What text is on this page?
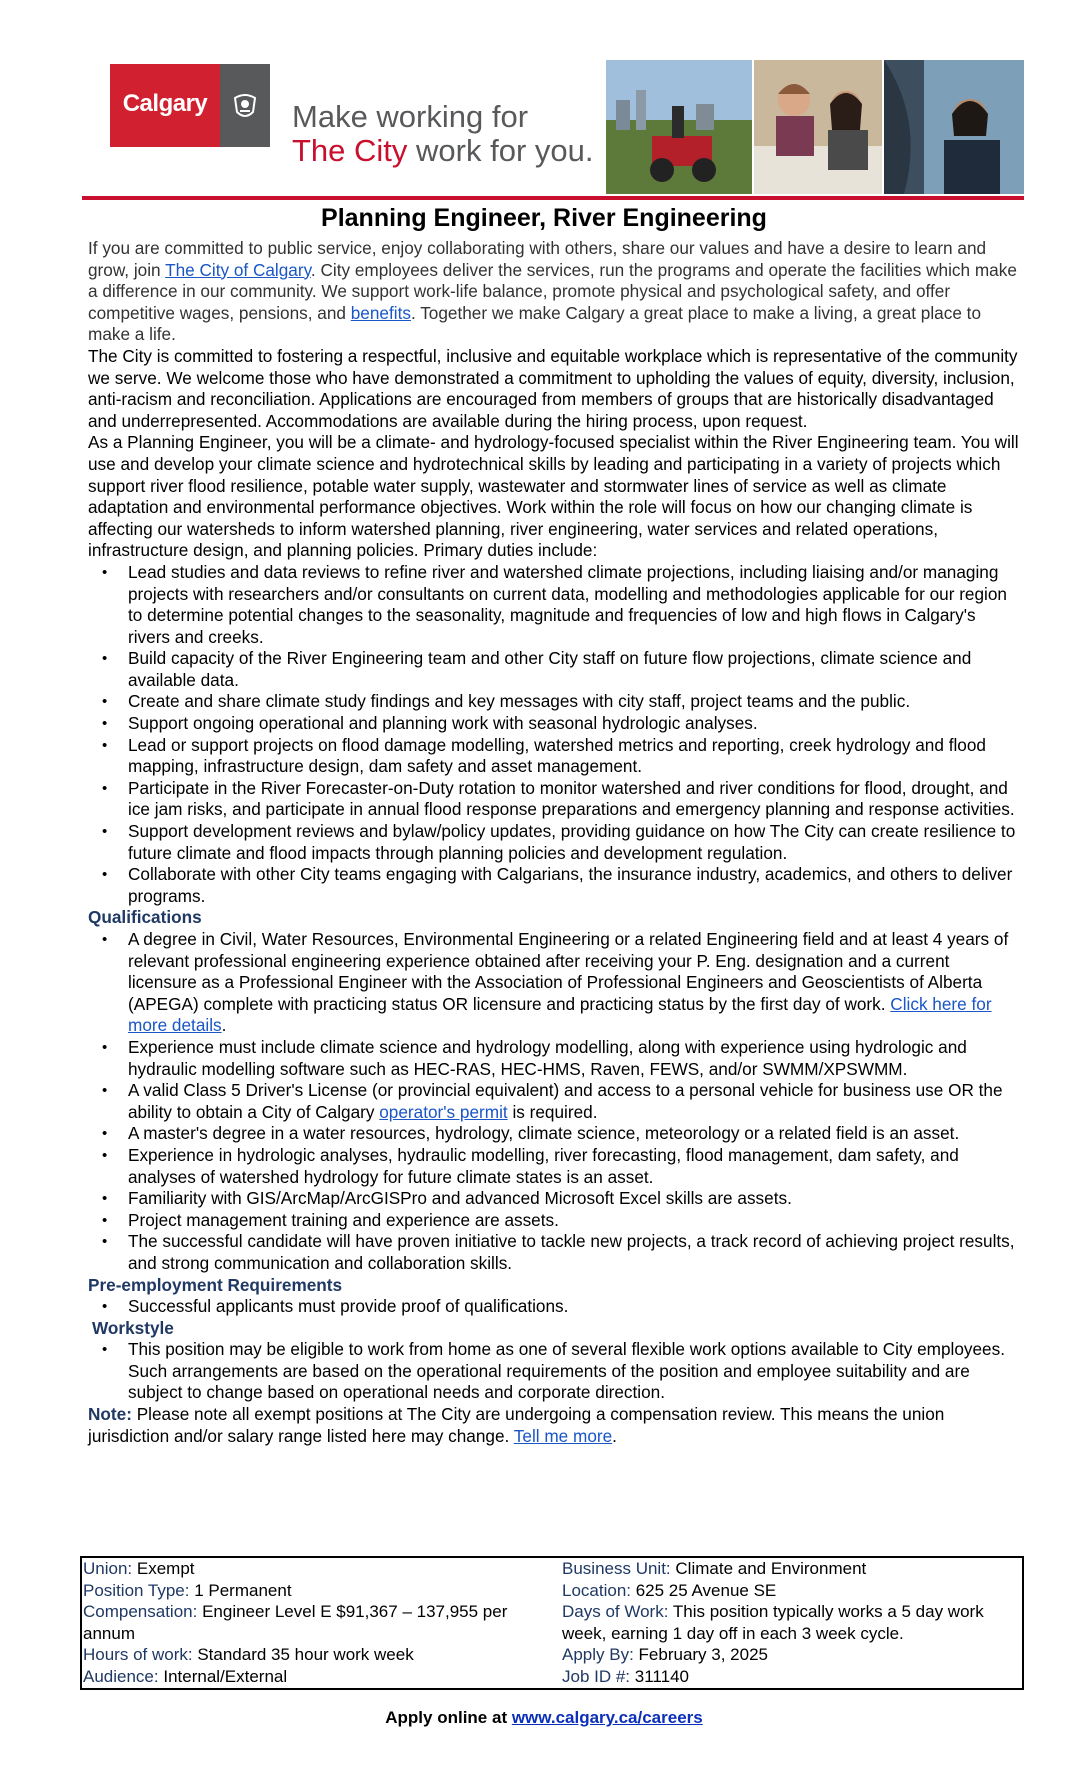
Calgary	Make working for
The City work for you.
Planning Engineer, River Engineering

If you are committed to public service, enjoy collaborating with others, share our values and have a desire to learn and grow, join The City of Calgary. City employees deliver the services, run the programs and operate the facilities which make a difference in our community. We support work-life balance, promote physical and psychological safety, and offer competitive wages, pensions, and benefits. Together we make Calgary a great place to make a living, a great place to make a life.

The City is committed to fostering a respectful, inclusive and equitable workplace which is representative of the community we serve. We welcome those who have demonstrated a commitment to upholding the values of equity, diversity, inclusion, anti-racism and reconciliation. Applications are encouraged from members of groups that are historically disadvantaged and underrepresented. Accommodations are available during the hiring process, upon request.

As a Planning Engineer, you will be a climate- and hydrology-focused specialist within the River Engineering team. You will use and develop your climate science and hydrotechnical skills by leading and participating in a variety of projects which support river flood resilience, potable water supply, wastewater and stormwater lines of service as well as climate adaptation and environmental performance objectives. Work within the role will focus on how our changing climate is affecting our watersheds to inform watershed planning, river engineering, water services and related operations, infrastructure design, and planning policies. Primary duties include:

• Lead studies and data reviews to refine river and watershed climate projections, including liaising and/or managing projects with researchers and/or consultants on current data, modelling and methodologies applicable for our region to determine potential changes to the seasonality, magnitude and frequencies of low and high flows in Calgary's rivers and creeks.
• Build capacity of the River Engineering team and other City staff on future flow projections, climate science and available data.
• Create and share climate study findings and key messages with city staff, project teams and the public.
• Support ongoing operational and planning work with seasonal hydrologic analyses.
• Lead or support projects on flood damage modelling, watershed metrics and reporting, creek hydrology and flood mapping, infrastructure design, dam safety and asset management.
• Participate in the River Forecaster-on-Duty rotation to monitor watershed and river conditions for flood, drought, and ice jam risks, and participate in annual flood response preparations and emergency planning and response activities.
• Support development reviews and bylaw/policy updates, providing guidance on how The City can create resilience to future climate and flood impacts through planning policies and development regulation.
• Collaborate with other City teams engaging with Calgarians, the insurance industry, academics, and others to deliver programs.

Qualifications

• A degree in Civil, Water Resources, Environmental Engineering or a related Engineering field and at least 4 years of relevant professional engineering experience obtained after receiving your P. Eng. designation and a current licensure as a Professional Engineer with the Association of Professional Engineers and Geoscientists of Alberta (APEGA) complete with practicing status OR licensure and practicing status by the first day of work. Click here for more details.
• Experience must include climate science and hydrology modelling, along with experience using hydrologic and hydraulic modelling software such as HEC-RAS, HEC-HMS, Raven, FEWS, and/or SWMM/XPSWMM.
• A valid Class 5 Driver's License (or provincial equivalent) and access to a personal vehicle for business use OR the ability to obtain a City of Calgary operator's permit is required.
• A master's degree in a water resources, hydrology, climate science, meteorology or a related field is an asset.
• Experience in hydrologic analyses, hydraulic modelling, river forecasting, flood management, dam safety, and analyses of watershed hydrology for future climate states is an asset.
• Familiarity with GIS/ArcMap/ArcGISPro and advanced Microsoft Excel skills are assets.
• Project management training and experience are assets.
• The successful candidate will have proven initiative to tackle new projects, a track record of achieving project results, and strong communication and collaboration skills.

Pre-employment Requirements

• Successful applicants must provide proof of qualifications.

Workstyle

• This position may be eligible to work from home as one of several flexible work options available to City employees. Such arrangements are based on the operational requirements of the position and employee suitability and are subject to change based on operational needs and corporate direction.

Note: Please note all exempt positions at The City are undergoing a compensation review. This means the union jurisdiction and/or salary range listed here may change. Tell me more.

Union: Exempt
Position Type: 1 Permanent
Compensation: Engineer Level E $91,367 – 137,955 per annum
Hours of work: Standard 35 hour work week
Audience: Internal/External
Business Unit: Climate and Environment
Location: 625 25 Avenue SE
Days of Work: This position typically works a 5 day work week, earning 1 day off in each 3 week cycle.
Apply By: February 3, 2025
Job ID #: 311140
Apply online at www.calgary.ca/careers
